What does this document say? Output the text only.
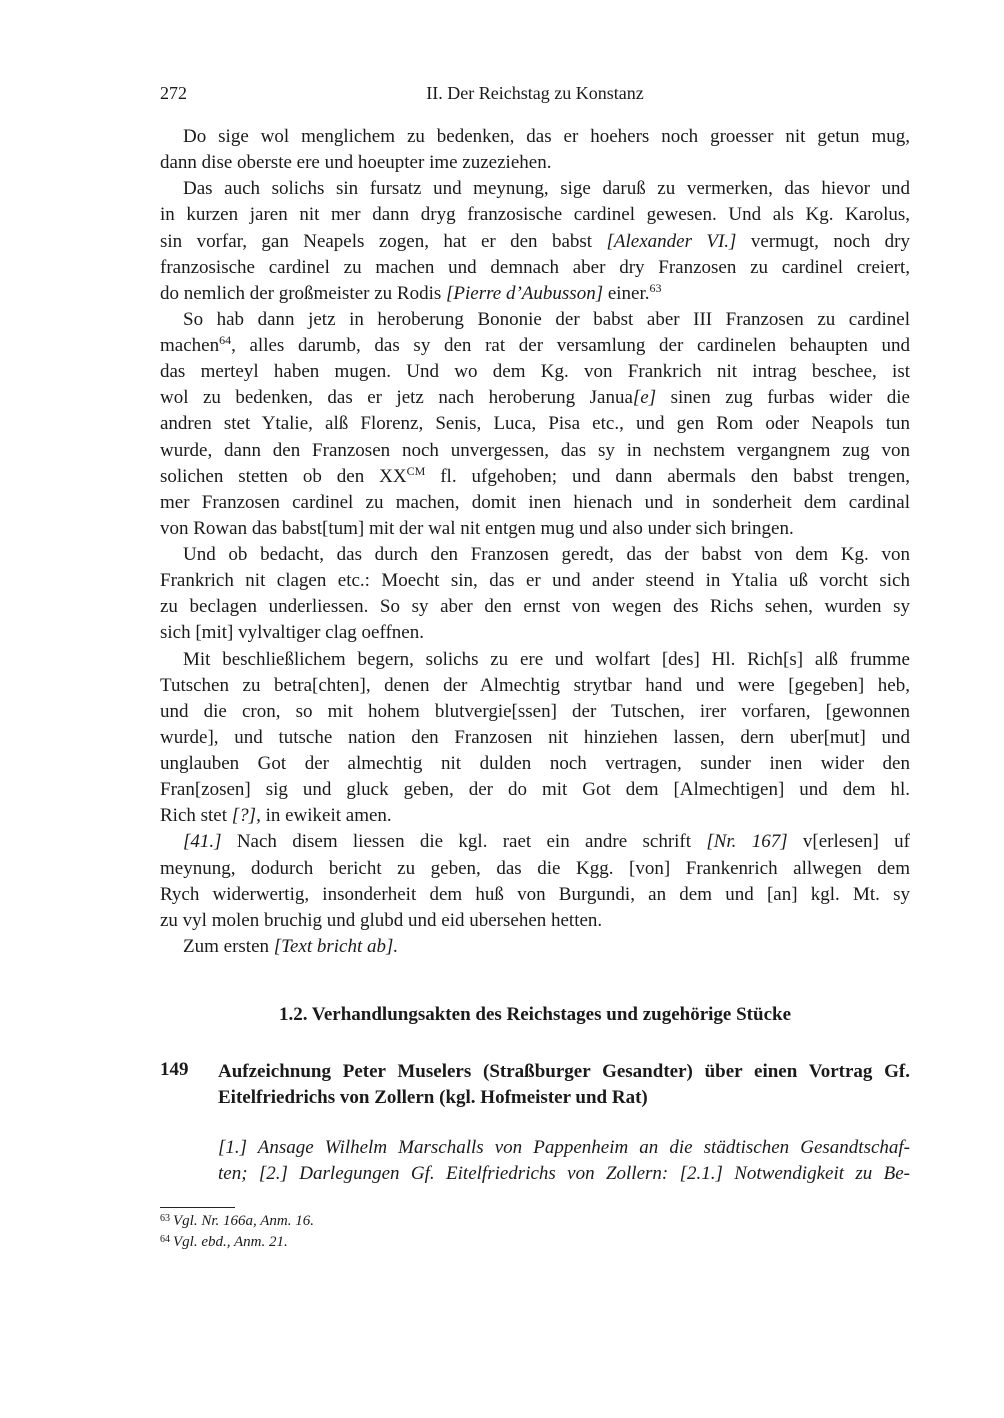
272	II. Der Reichstag zu Konstanz
Do sige wol menglichem zu bedenken, das er hoehers noch groesser nit getun mug,
dann dise oberste ere und hoeupter ime zuzeziehen.
Das auch solichs sin fursatz und meynung, sige daruß zu vermerken, das hievor und
in kurzen jaren nit mer dann dryg franzosische cardinel gewesen. Und als Kg. Karolus,
sin vorfar, gan Neapels zogen, hat er den babst [Alexander VI.] vermugt, noch dry
franzosische cardinel zu machen und demnach aber dry Franzosen zu cardinel creiert,
do nemlich der großmeister zu Rodis [Pierre d’Aubusson] einer.$^{63}$
So hab dann jetz in heroberung Bononie der babst aber III Franzosen zu cardinel
machen$^{64}$, alles darumb, das sy den rat der versamlung der cardinelen behaupten und
das merteyl haben mugen. Und wo dem Kg. von Frankrich nit intrag beschee, ist
wol zu bedenken, das er jetz nach heroberung Janua[e] sinen zug furbas wider die
andren stet Ytalie, alß Florenz, Senis, Luca, Pisa etc., und gen Rom oder Neapols tun
wurde, dann den Franzosen noch unvergessen, das sy in nechstem vergangnem zug von
solichen stetten ob den $XX^{CM}$ fl. ufgehoben; und dann abermals den babst trengen,
mer Franzosen cardinel zu machen, domit inen hienach und in sonderheit dem cardinal
von Rowan das babst[tum] mit der wal nit entgen mug und also under sich bringen.
Und ob bedacht, das durch den Franzosen geredt, das der babst von dem Kg. von
Frankrich nit clagen etc.: Moecht sin, das er und ander steend in Ytalia uß vorcht sich
zu beclagen underliessen. So sy aber den ernst von wegen des Richs sehen, wurden sy
sich [mit] vylvaltiger clag oeffnen.
Mit beschließlichem begern, solichs zu ere und wolfart [des] Hl. Rich[s] alß frumme
Tutschen zu betra[chten], denen der Almechtig strytbar hand und were [gegeben] heb,
und die cron, so mit hohem blutvergie[ssen] der Tutschen, irer vorfaren, [gewonnen
wurde], und tutsche nation den Franzosen nit hinziehen lassen, dern uber[mut] und
unglauben Got der almechtig nit dulden noch vertragen, sunder inen wider den
Fran[zosen] sig und gluck geben, der do mit Got dem [Almechtigen] und dem hl.
Rich stet [?], in ewikeit amen.
[41.] Nach disem liessen die kgl. raet ein andre schrift [Nr. 167] v[erlesen] uf
meynung, dodurch bericht zu geben, das die Kgg. [von] Frankenrich allwegen dem
Rych widerwertig, insonderheit dem huß von Burgundi, an dem und [an] kgl. Mt. sy
zu vyl molen bruchig und glubd und eid ubersehen hetten.
Zum ersten [Text bricht ab].
1.2. Verhandlungsakten des Reichstages und zugehörige Stücke
149 Aufzeichnung Peter Muselers (Straßburger Gesandter) über einen Vortrag Gf.
Eitelfriedrichs von Zollern (kgl. Hofmeister und Rat)
[1.] Ansage Wilhelm Marschalls von Pappenheim an die städtischen Gesandtschaf-
ten; [2.] Darlegungen Gf. Eitelfriedrichs von Zollern: [2.1.] Notwendigkeit zu Be-
$^{63}$ Vgl. Nr. 166a, Anm. 16.
$^{64}$ Vgl. ebd., Anm. 21.
